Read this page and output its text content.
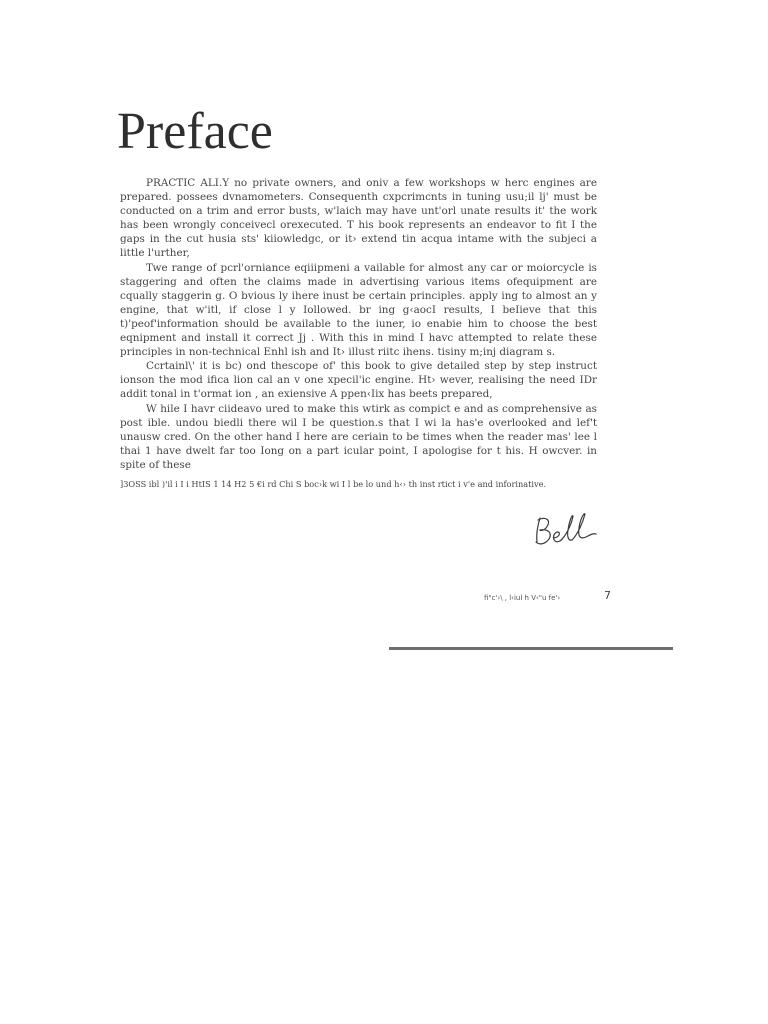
Preface

PRACTIC ALI.Y no private owners, and oniv a few workshops w herc engines are prepared. possees dvnamometers. Consequenth cxpcrimcnts in tuning usu;il lj' must be conducted on a trim and error busts, w'laich may have unt'orl unate results it' the work has been wrongly conceivecl orexecuted. T his book represents an endeavor to fit I the gaps in the cut husia sts' kiiowledgc, or it› extend tin acqua intame with the subjeci a little l'urther,

Twe range of pcrl'orniance eqiiipmeni a vailable for almost any car or moiorcycle is staggering and often the claims made in advertising various items ofequipment are cqually staggerin g. O bvious ly ihere inust be certain principles. apply ing to almost an y engine, that w'itl, if close l y Iollowed. br ing g‹aocI results, I beIieve that this t)'peof'information should be available to the iuner, io enabie him to choose the best eqnipment and install it correct Jj . With this in mind I havc attempted to relate these principles in non-technical Enhl ish and It› illust riitc ihens. tisiny m;inj diagram s.

Ccrtainl\' it is bc) ond thescope of' this book to give detailed step by step instruct ionson the mod ifica lion cal an v one xpecil'ic engine. Ht› wever, realising the need IDr addit tonal in t'ormat ion , an exiensive A ppen‹Iix has beets prepared,

W hile I havr ciideavo ured to make this wtirk as compict e and as comprehensive as post ible. undou biedli there wil I be question.s that I wi la has'e overlooked and lef't unausw cred. On the other hand I here are ceriain to be times when the reader mas' lee l thai 1 have dwelt far too Iong on a part icular point, I apologise for t his. H owcver. in spite of these

]3OSS ibl )'il i I i HtIS 1 14 H2 5 €i rd Chi S boc›k wi I l be lo und h‹› th inst rtict i v'e and inforinative.
fi"c'›\ , l‹iul h V‹"u fe'›	7
